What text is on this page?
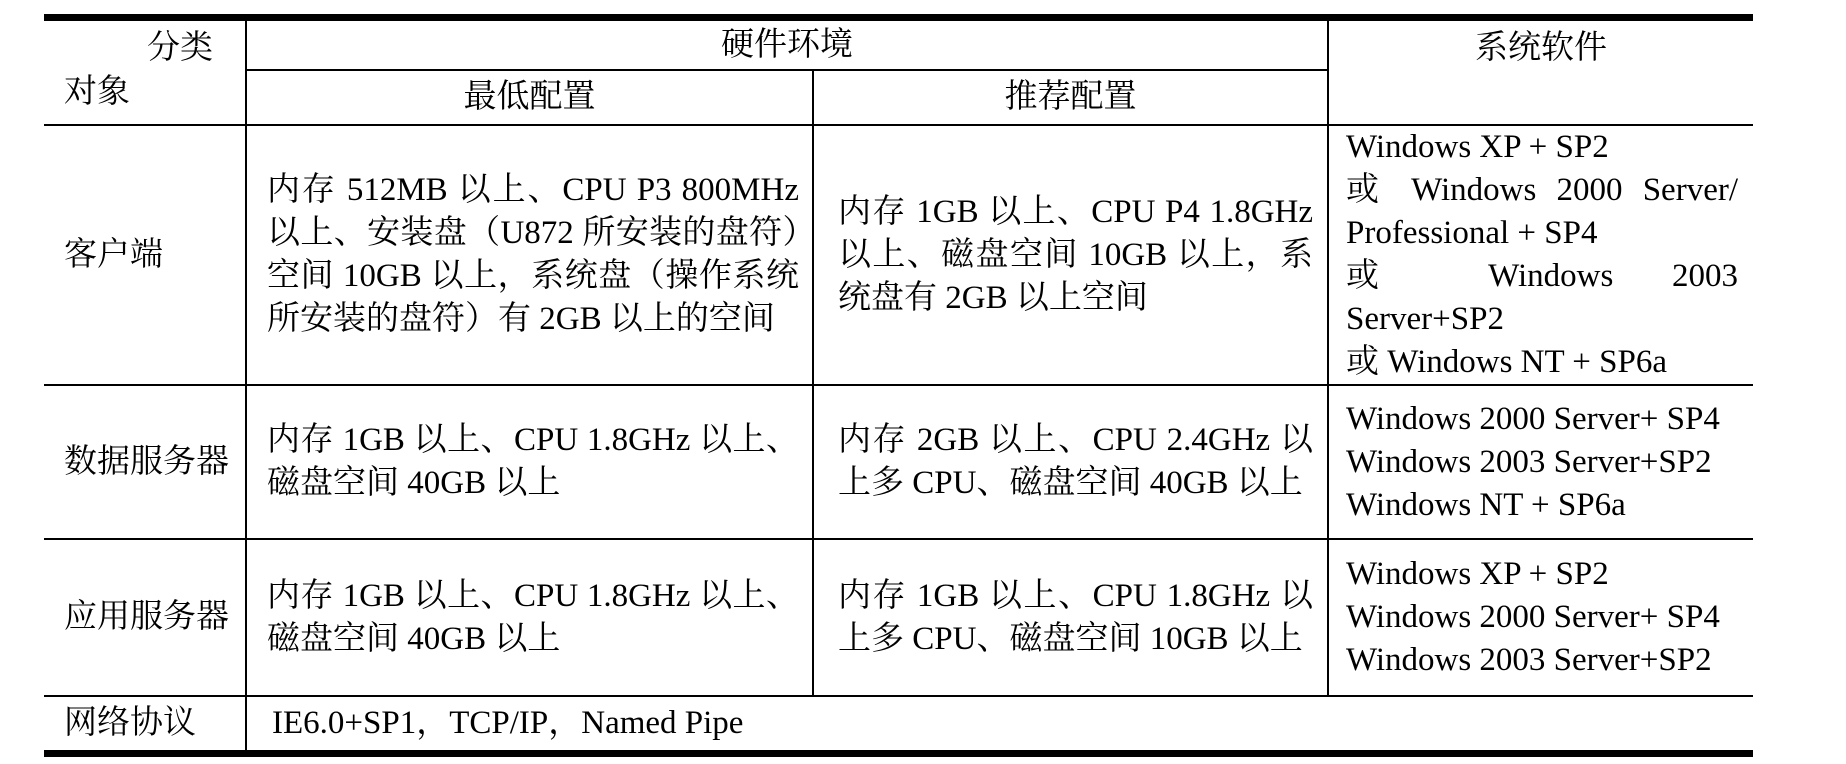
分类
对象	硬件环境		系统软件
	最低配置	推荐配置	
客户端	内存 512MB 以上、CPU P3 800MHz 以上、安装盘（U872 所安装的盘符）空间 10GB 以上，系统盘（操作系统所安装的盘符）有 2GB 以上的空间	内存 1GB 以上、CPU P4 1.8GHz 以上、磁盘空间 10GB 以上，系统盘有 2GB 以上空间	Windows XP + SP2
或 Windows 2000 Server/ Professional + SP4
或 Windows 2003 Server+SP2
或 Windows NT + SP6a

数据服务器	内存 1GB 以上、CPU 1.8GHz 以上、磁盘空间 40GB 以上	内存 2GB 以上、CPU 2.4GHz 以上多 CPU、磁盘空间 40GB 以上	Windows 2000 Server+ SP4
Windows 2003 Server+SP2
Windows NT + SP6a

应用服务器	内存 1GB 以上、CPU 1.8GHz 以上、磁盘空间 40GB 以上	内存 1GB 以上、CPU 1.8GHz 以上多 CPU、磁盘空间 10GB 以上	Windows XP + SP2
Windows 2000 Server+ SP4
Windows 2003 Server+SP2

网络协议	IE6.0+SP1，TCP/IP，Named Pipe		
